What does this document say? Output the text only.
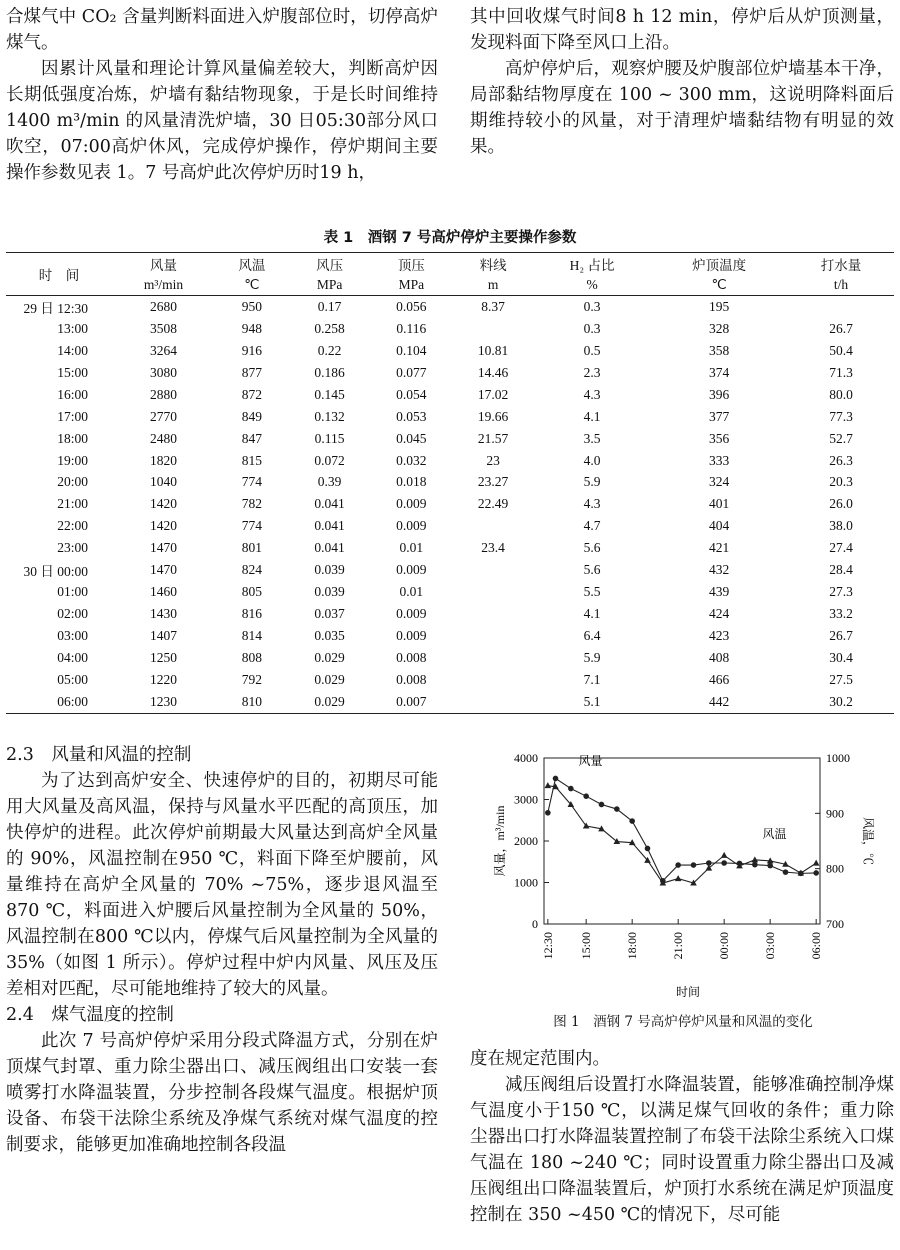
合煤气中 CO₂ 含量判断料面进入炉腹部位时，切停高炉煤气。

因累计风量和理论计算风量偏差较大，判断高炉因长期低强度冶炼，炉墙有黏结物现象，于是长时间维持1400 m³/min 的风量清洗炉墙，30 日05:30部分风口吹空，07:00高炉休风，完成停炉操作，停炉期间主要操作参数见表 1。7 号高炉此次停炉历时19 h，

其中回收煤气时间8 h 12 min，停炉后从炉顶测量，发现料面下降至风口上沿。

高炉停炉后，观察炉腰及炉腹部位炉墙基本干净，局部黏结物厚度在 100 ~ 300 mm，这说明降料面后期维持较小的风量，对于清理炉墙黏结物有明显的效果。

表 1　酒钢 7 号高炉停炉主要操作参数
时　间	风量	风温	风压	顶压	料线	H₂ 占比	炉顶温度	打水量
	m³/min	℃	MPa	MPa	m	%	℃	t/h
29 日 12:30	2680	950	0.17	0.056	8.37	0.3	195	
13:00	3508	948	0.258	0.116		0.3	328	26.7
14:00	3264	916	0.22	0.104	10.81	0.5	358	50.4
15:00	3080	877	0.186	0.077	14.46	2.3	374	71.3
16:00	2880	872	0.145	0.054	17.02	4.3	396	80.0
17:00	2770	849	0.132	0.053	19.66	4.1	377	77.3
18:00	2480	847	0.115	0.045	21.57	3.5	356	52.7
19:00	1820	815	0.072	0.032	23	4.0	333	26.3
20:00	1040	774	0.39	0.018	23.27	5.9	324	20.3
21:00	1420	782	0.041	0.009	22.49	4.3	401	26.0
22:00	1420	774	0.041	0.009		4.7	404	38.0
23:00	1470	801	0.041	0.01	23.4	5.6	421	27.4
30 日 00:00	1470	824	0.039	0.009		5.6	432	28.4
01:00	1460	805	0.039	0.01		5.5	439	27.3
02:00	1430	816	0.037	0.009		4.1	424	33.2
03:00	1407	814	0.035	0.009		6.4	423	26.7
04:00	1250	808	0.029	0.008		5.9	408	30.4
05:00	1220	792	0.029	0.008		7.1	466	27.5
06:00	1230	810	0.029	0.007		5.1	442	30.2

2.3　风量和风温的控制

为了达到高炉安全、快速停炉的目的，初期尽可能用大风量及高风温，保持与风量水平匹配的高顶压，加快停炉的进程。此次停炉前期最大风量达到高炉全风量的 90%，风温控制在950 ℃，料面下降至炉腰前，风量维持在高炉全风量的 70% ~75%，逐步退风温至870 ℃，料面进入炉腰后风量控制为全风量的 50%，风温控制在800 ℃以内，停煤气后风量控制为全风量的 35%（如图 1 所示）。停炉过程中炉内风量、风压及压差相对匹配，尽可能地维持了较大的风量。

2.4　煤气温度的控制

此次 7 号高炉停炉采用分段式降温方式，分别在炉顶煤气封罩、重力除尘器出口、减压阀组出口安装一套喷雾打水降温装置，分步控制各段煤气温度。根据炉顶设备、布袋干法除尘系统及净煤气系统对煤气温度的控制要求，能够更加准确地控制各段温

0
1000
2000
3000
4000
700
800
900
1000
12:30 15:00	18:00	21:00	00:00	03:00	06:00
风量，m³/min	风温，℃
时间
风量
风温
图 1　酒钢 7 号高炉停炉风量和风温的变化

度在规定范围内。

减压阀组后设置打水降温装置，能够准确控制净煤气温度小于150 ℃，以满足煤气回收的条件；重力除尘器出口打水降温装置控制了布袋干法除尘系统入口煤气温在 180 ~240 ℃；同时设置重力除尘器出口及减压阀组出口降温装置后，炉顶打水系统在满足炉顶温度控制在 350 ~450 ℃的情况下，尽可能
